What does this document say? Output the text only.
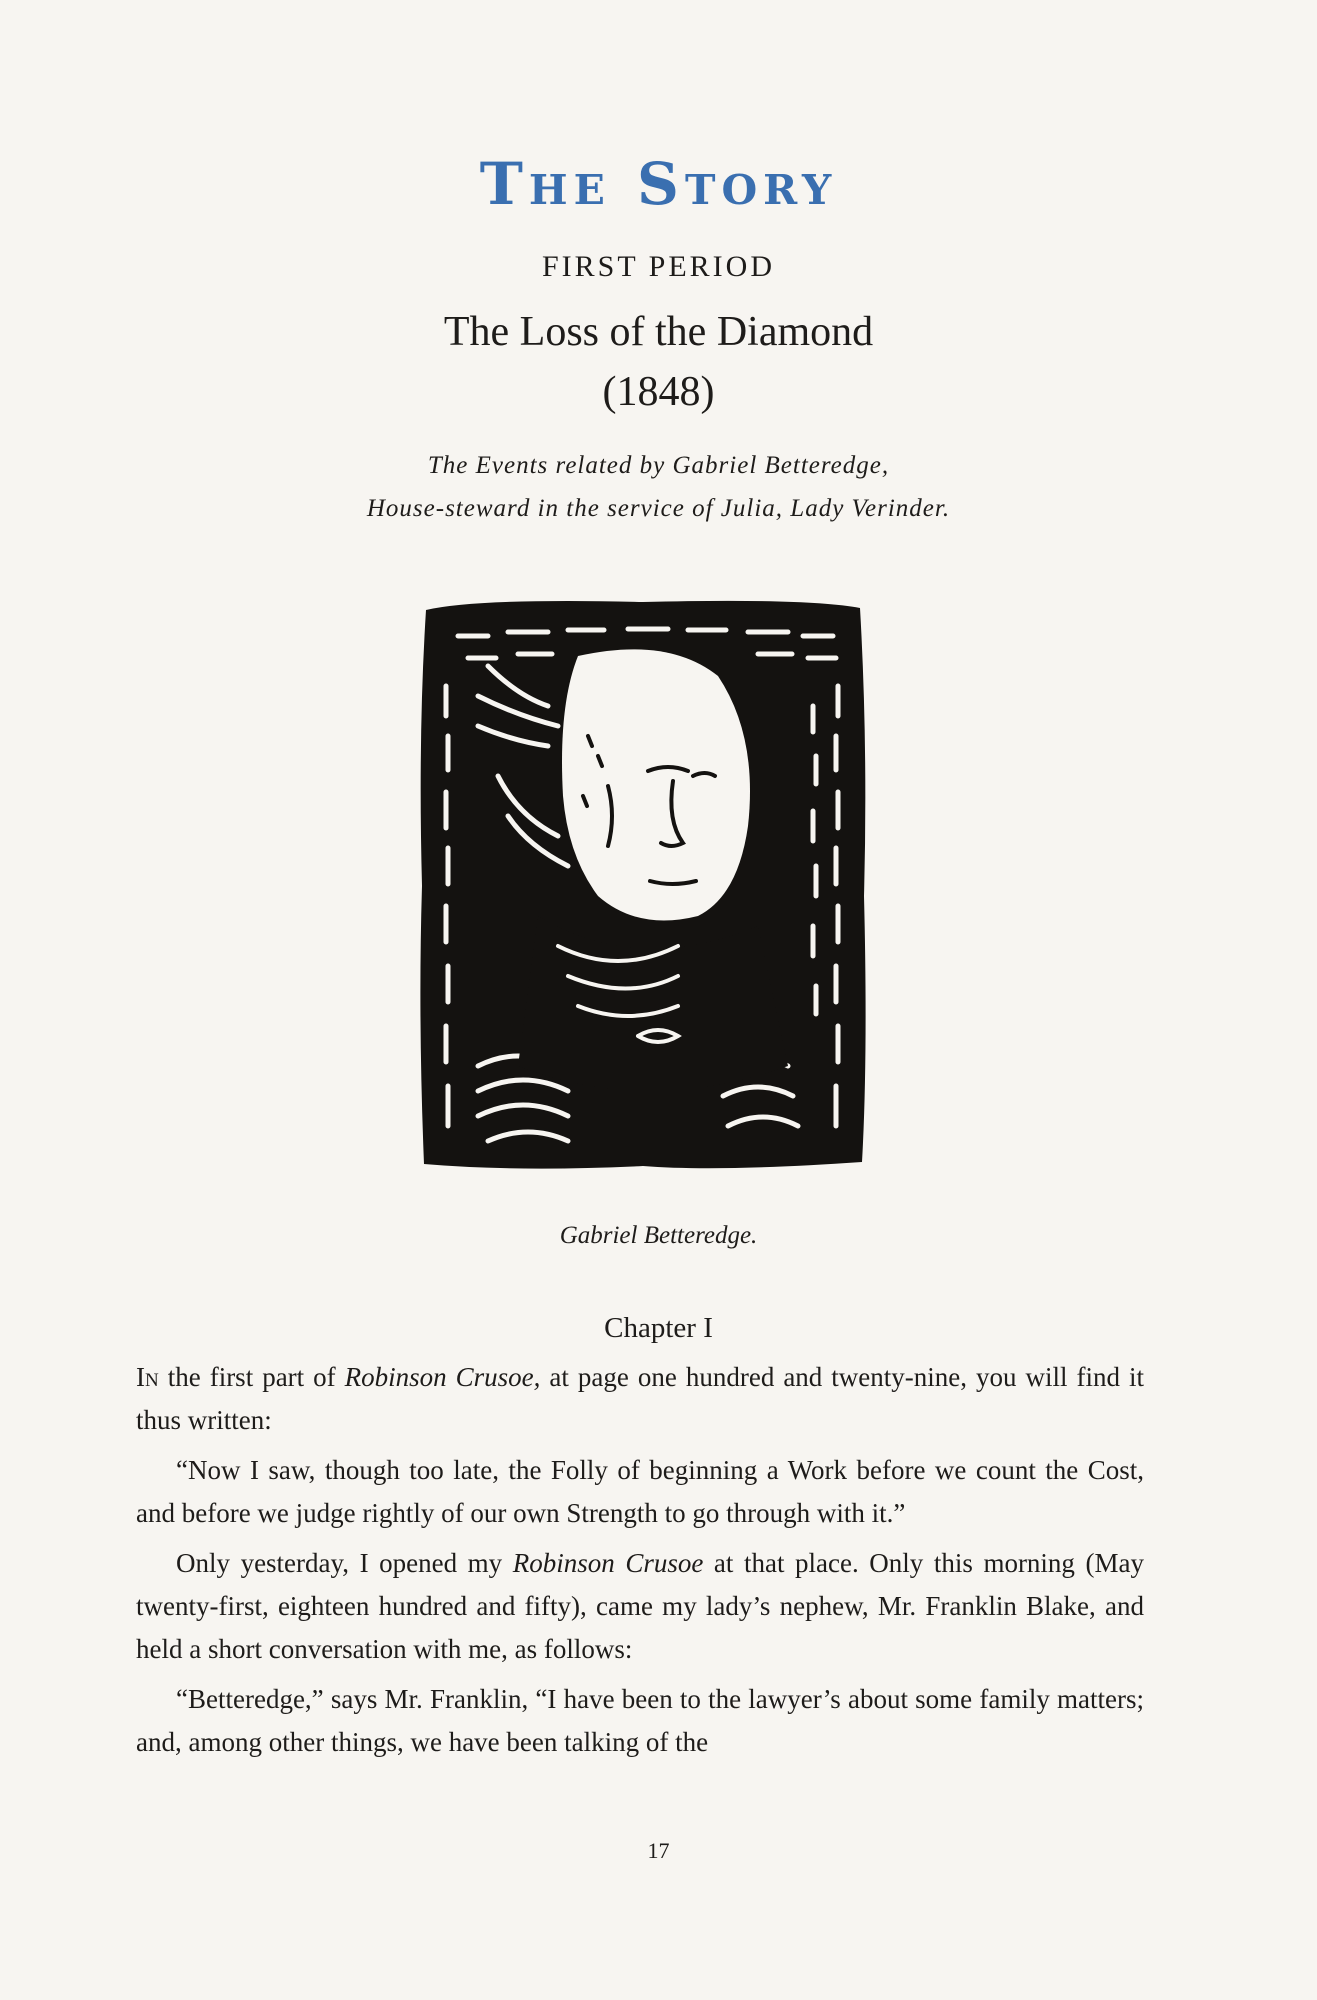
The Story
FIRST PERIOD
The Loss of the Diamond
(1848)
The Events related by Gabriel Betteredge,
House-steward in the service of Julia, Lady Verinder.
Gabriel Betteredge.
Chapter I

In the first part of Robinson Crusoe, at page one hundred and twenty-nine, you will find it thus written:

“Now I saw, though too late, the Folly of beginning a Work before we count the Cost, and before we judge rightly of our own Strength to go through with it.”

Only yesterday, I opened my Robinson Crusoe at that place. Only this morning (May twenty-first, eighteen hundred and fifty), came my lady’s nephew, Mr. Franklin Blake, and held a short conversation with me, as follows:

“Betteredge,” says Mr. Franklin, “I have been to the lawyer’s about some family matters; and, among other things, we have been talking of the

17
